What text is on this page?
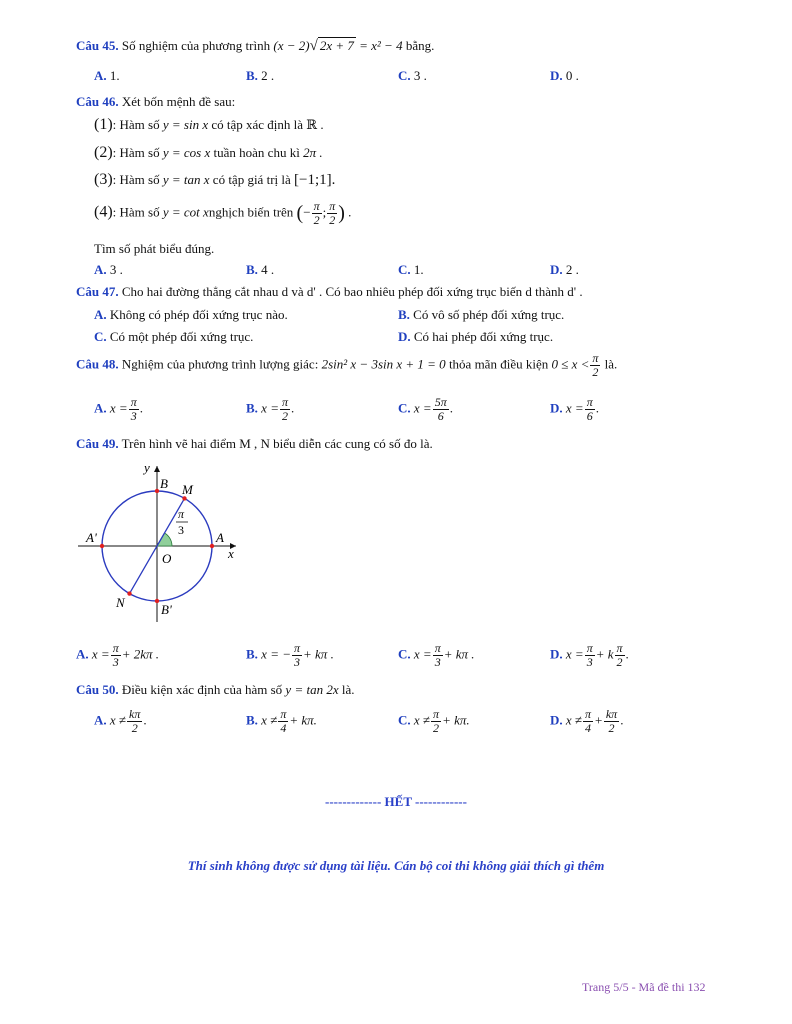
Câu 45. Số nghiệm của phương trình (x − 2)√ 2x + 7 = x² − 4 bằng.
A. 1.	B. 2 .	C. 3 .	D. 0 .
Câu 46. Xét bốn mệnh đề sau:
(1): Hàm số y = sin x có tập xác định là ℝ .
(2): Hàm số y = cos x tuần hoàn chu kì 2π .
(3): Hàm số y = tan x có tập giá trị là [−1;1].
(4): Hàm số y = cot xnghịch biến trên (− $\frac{\pi}{2}$ ; $\frac{\pi}{2}$ ) .
Tìm số phát biểu đúng.
A. 3 .	B. 4 .	C. 1.	D. 2 .
Câu 47. Cho hai đường thẳng cắt nhau d và d' . Có bao nhiêu phép đối xứng trục biến d thành d' .
A. Không có phép đối xứng trục nào.	B. Có vô số phép đối xứng trục.
C. Có một phép đối xứng trục.	D. Có hai phép đối xứng trục.
Câu 48. Nghiệm của phương trình lượng giác: 2sin² x − 3sin x + 1 = 0 thỏa mãn điều kiện $0 \le x < \frac{\pi}{2}$ là.
A. $x = \frac{\pi}{3}$ .	B. $x = \frac{\pi}{2}$ .	C. $x = \frac{5\pi}{6}$ .	D. $x = \frac{\pi}{6}$ .
Câu 49. Trên hình vẽ hai điểm M , N biểu diễn các cung có số đo là.
y
x
B M
A'	A
O
N	B'
π
3
A. $x = \frac{\pi}{3} + 2k\pi$ .	B. x = − $\frac{\pi}{3} + k\pi$ .	C. $x = \frac{\pi}{3} + k\pi$ .	D. $x = \frac{\pi}{3} + k \frac{\pi}{2}$ .
Câu 50. Điều kiện xác định của hàm số y = tan 2x là.
A. $x \ne \frac{k\pi}{2}$ .	B. $x \ne \frac{\pi}{4} + k\pi$.	C. $x \ne \frac{\pi}{2} + k\pi$.	D. $x \ne \frac{\pi}{4} + \frac{k\pi}{2}$ .
------------- HẾT ------------
Thí sinh không được sử dụng tài liệu. Cán bộ coi thi không giải thích gì thêm
Trang 5/5 - Mã đề thi 132
